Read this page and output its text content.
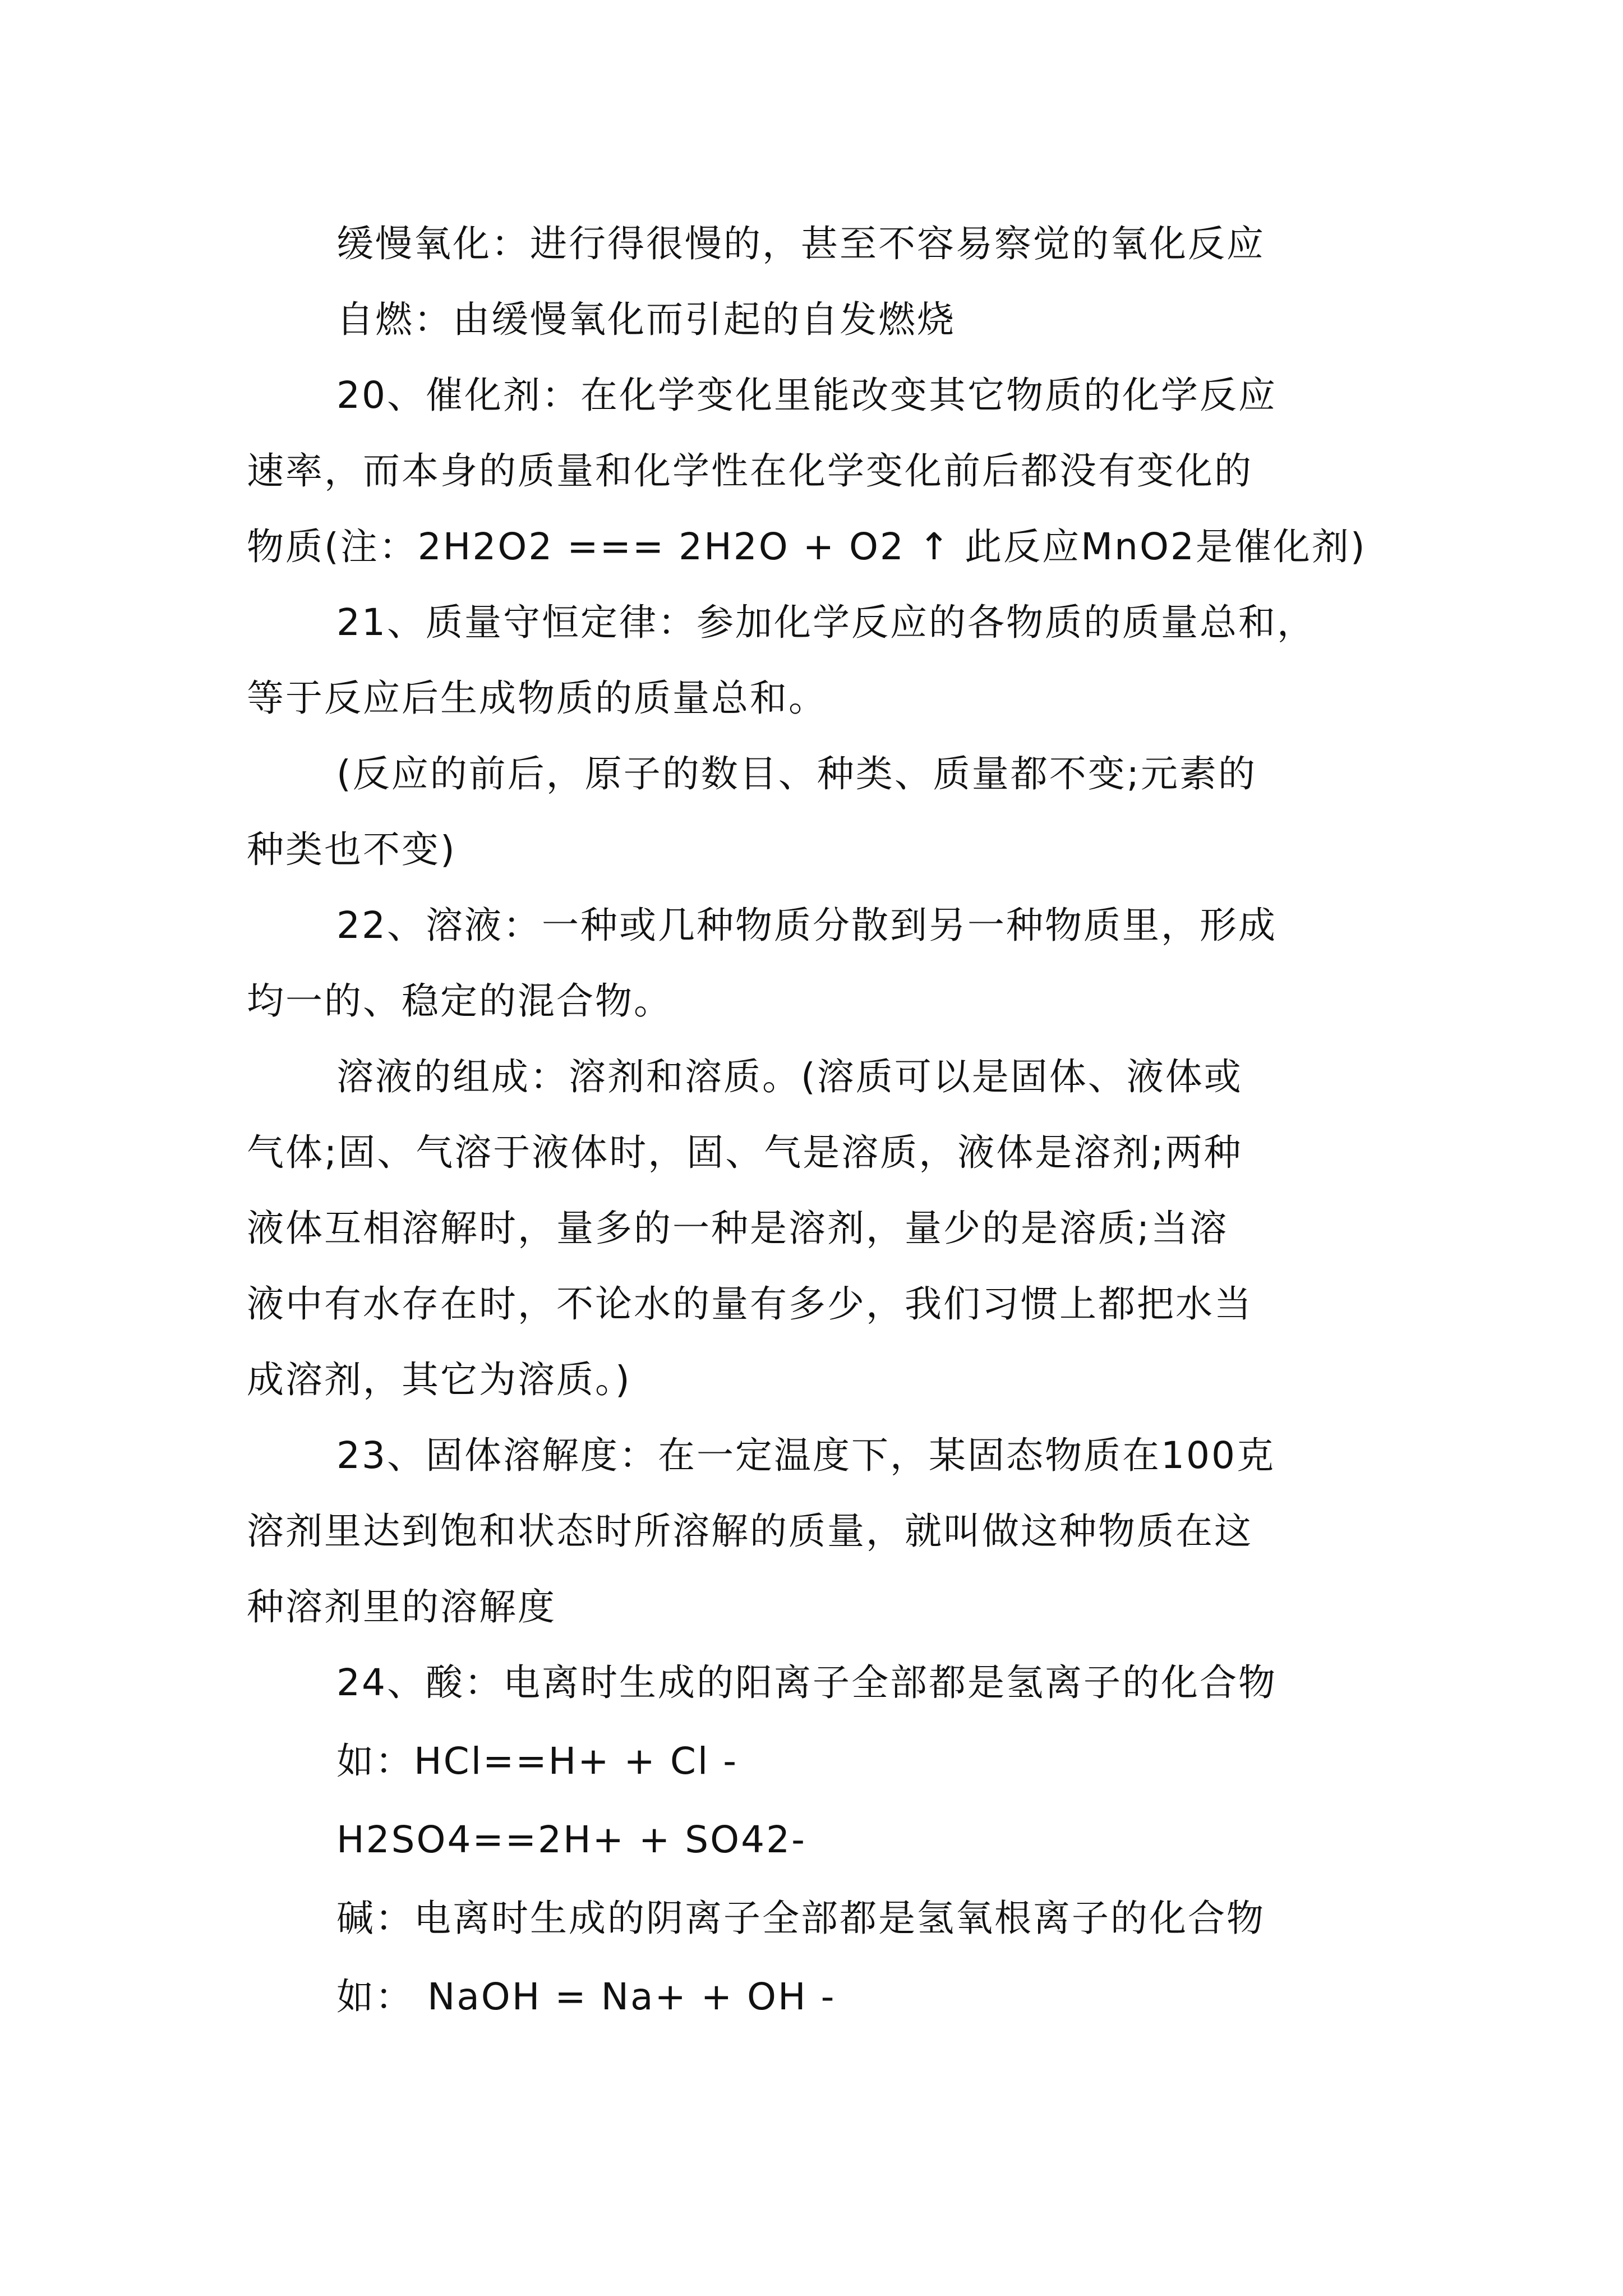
缓慢氧化：进行得很慢的，甚至不容易察觉的氧化反应
自燃：由缓慢氧化而引起的自发燃烧
20、催化剂：在化学变化里能改变其它物质的化学反应
速率，而本身的质量和化学性在化学变化前后都没有变化的
物质(注：2H2O2 === 2H2O + O2 ↑ 此反应MnO2是催化剂)
21、质量守恒定律：参加化学反应的各物质的质量总和，
等于反应后生成物质的质量总和。
(反应的前后，原子的数目、种类、质量都不变;元素的
种类也不变)
22、溶液：一种或几种物质分散到另一种物质里，形成
均一的、稳定的混合物。
溶液的组成：溶剂和溶质。(溶质可以是固体、液体或
气体;固、气溶于液体时，固、气是溶质，液体是溶剂;两种
液体互相溶解时，量多的一种是溶剂，量少的是溶质;当溶
液中有水存在时，不论水的量有多少，我们习惯上都把水当
成溶剂，其它为溶质。)
23、固体溶解度：在一定温度下，某固态物质在100克
溶剂里达到饱和状态时所溶解的质量，就叫做这种物质在这
种溶剂里的溶解度
24、酸：电离时生成的阳离子全部都是氢离子的化合物
如：HCl==H+ + Cl -
H2SO4==2H+ + SO42-
碱：电离时生成的阴离子全部都是氢氧根离子的化合物
如： NaOH = Na+ + OH -
